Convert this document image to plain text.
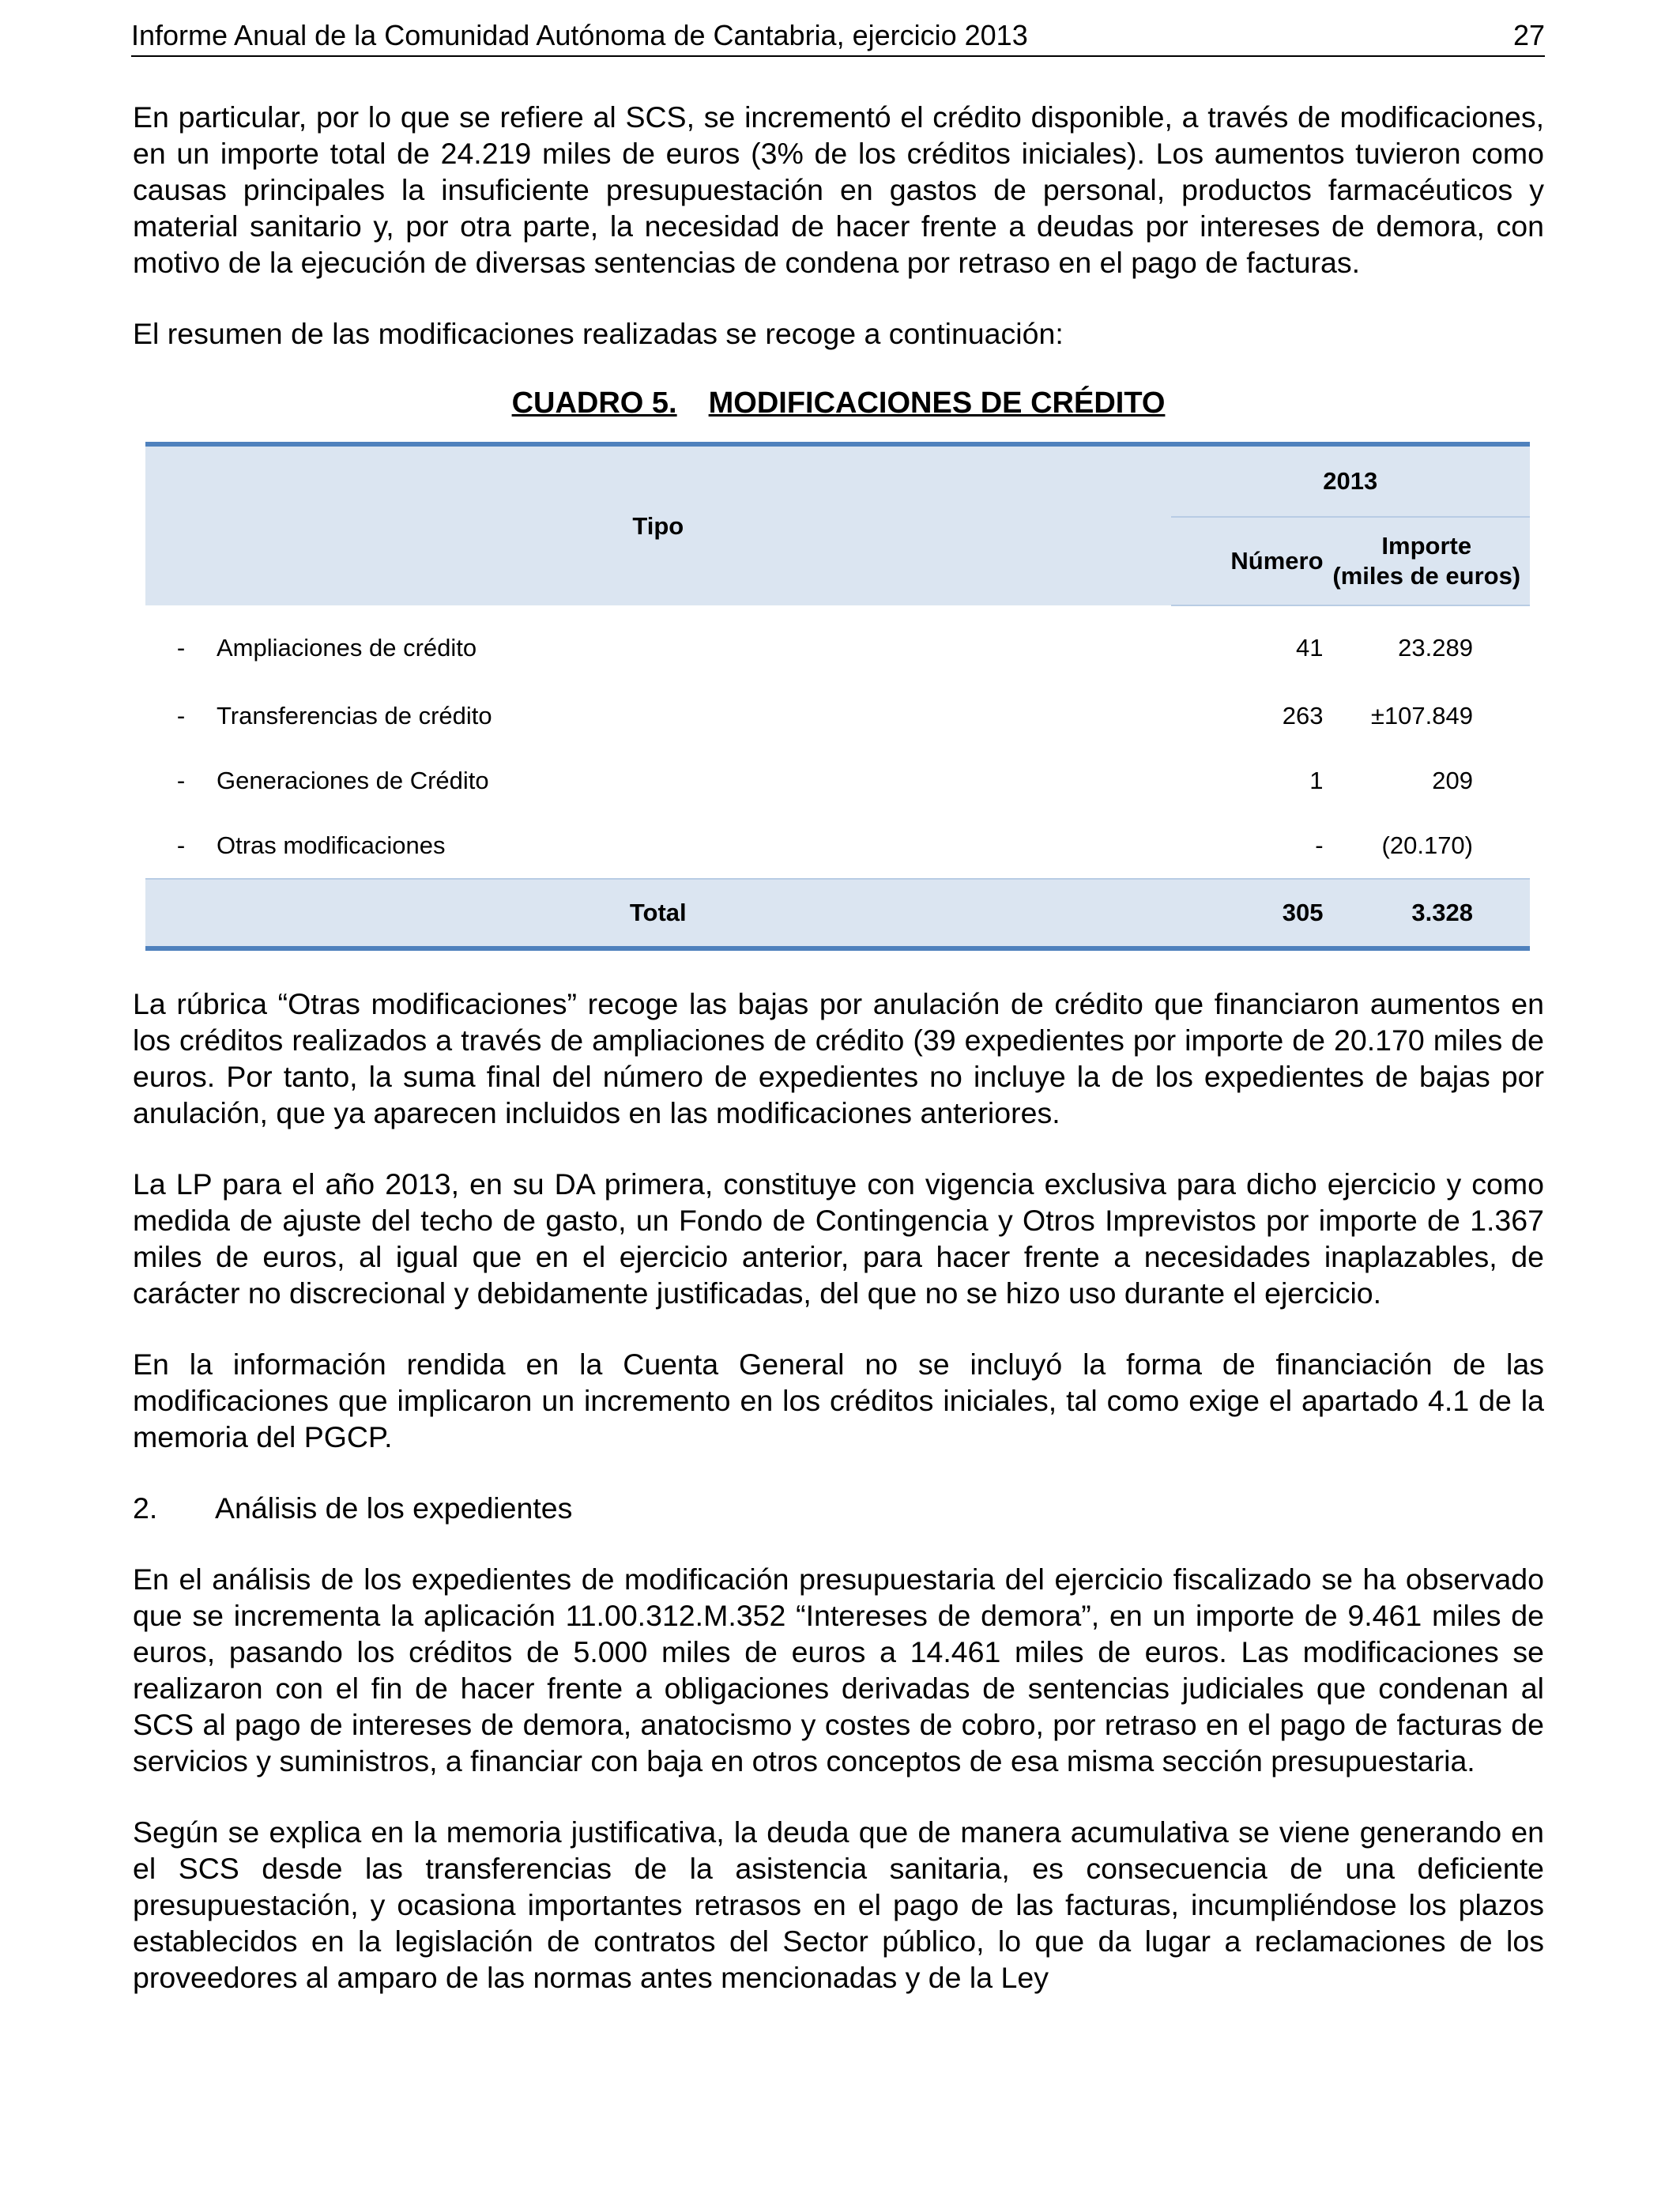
Informe Anual de la Comunidad Autónoma de Cantabria, ejercicio 2013	27

En particular, por lo que se refiere al SCS, se incrementó el crédito disponible, a través de modificaciones, en un importe total de 24.219 miles de euros (3% de los créditos iniciales). Los aumentos tuvieron como causas principales la insuficiente presupuestación en gastos de personal, productos farmacéuticos y material sanitario y, por otra parte, la necesidad de hacer frente a deudas por intereses de demora, con motivo de la ejecución de diversas sentencias de condena por retraso en el pago de facturas.

El resumen de las modificaciones realizadas se recoge a continuación:

CUADRO 5. MODIFICACIONES DE CRÉDITO
Tipo		2013	
		Número	Importe
(miles de euros)
-	Ampliaciones de crédito	41	23.289
-	Transferencias de crédito	263	±107.849
-	Generaciones de Crédito	1	209
-	Otras modificaciones	-	(20.170)
Total		305	3.328

La rúbrica “Otras modificaciones” recoge las bajas por anulación de crédito que financiaron aumentos en los créditos realizados a través de ampliaciones de crédito (39 expedientes por importe de 20.170 miles de euros. Por tanto, la suma final del número de expedientes no incluye la de los expedientes de bajas por anulación, que ya aparecen incluidos en las modificaciones anteriores.

La LP para el año 2013, en su DA primera, constituye con vigencia exclusiva para dicho ejercicio y como medida de ajuste del techo de gasto, un Fondo de Contingencia y Otros Imprevistos por importe de 1.367 miles de euros, al igual que en el ejercicio anterior, para hacer frente a necesidades inaplazables, de carácter no discrecional y debidamente justificadas, del que no se hizo uso durante el ejercicio.

En la información rendida en la Cuenta General no se incluyó la forma de financiación de las modificaciones que implicaron un incremento en los créditos iniciales, tal como exige el apartado 4.1 de la memoria del PGCP.

2. Análisis de los expedientes

En el análisis de los expedientes de modificación presupuestaria del ejercicio fiscalizado se ha observado que se incrementa la aplicación 11.00.312.M.352 “Intereses de demora”, en un importe de 9.461 miles de euros, pasando los créditos de 5.000 miles de euros a 14.461 miles de euros. Las modificaciones se realizaron con el fin de hacer frente a obligaciones derivadas de sentencias judiciales que condenan al SCS al pago de intereses de demora, anatocismo y costes de cobro, por retraso en el pago de facturas de servicios y suministros, a financiar con baja en otros conceptos de esa misma sección presupuestaria.

Según se explica en la memoria justificativa, la deuda que de manera acumulativa se viene generando en el SCS desde las transferencias de la asistencia sanitaria, es consecuencia de una deficiente presupuestación, y ocasiona importantes retrasos en el pago de las facturas, incumpliéndose los plazos establecidos en la legislación de contratos del Sector público, lo que da lugar a reclamaciones de los proveedores al amparo de las normas antes mencionadas y de la Ley
